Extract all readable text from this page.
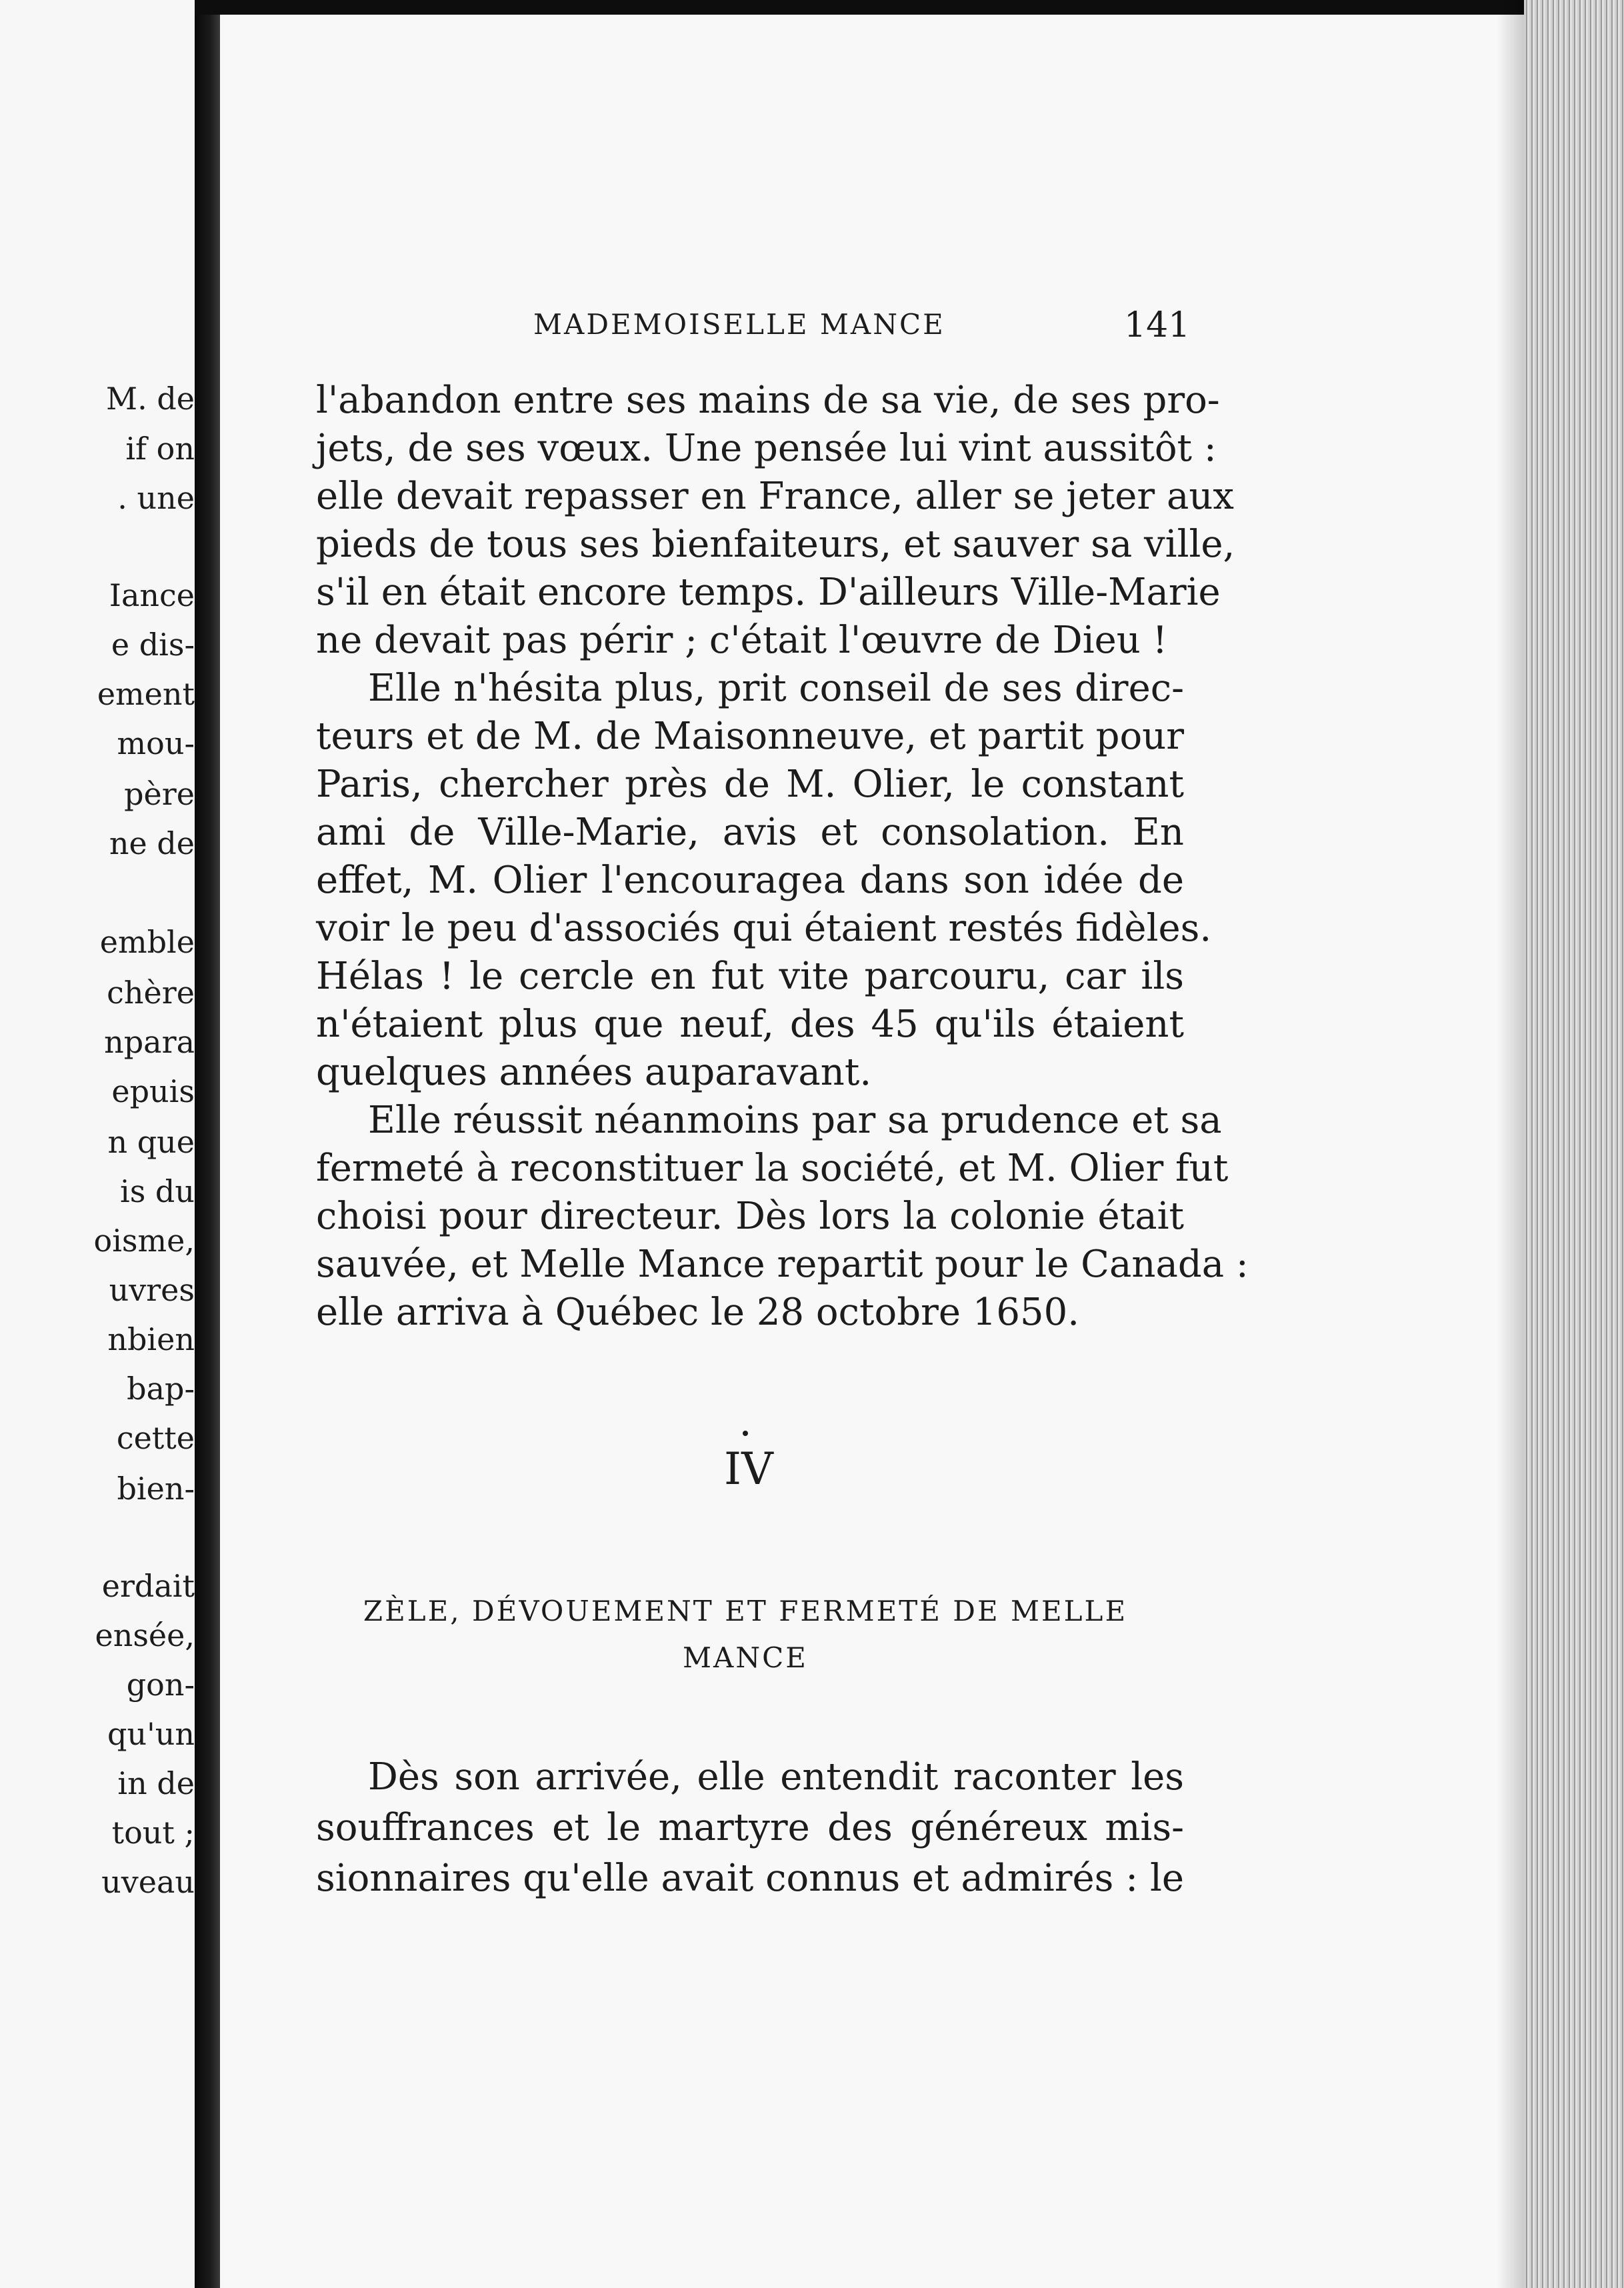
M. de
if on
. une
Iance
e dis-
ement
mou-
père
ne de
emble
chère
npara
epuis
n que
is du
oisme,
uvres
nbien
bap-
cette
bien-
erdait
ensée,
gon-
qu'un
in de
tout ;
uveau
MADEMOISELLE MANCE	141
l'abandon entre ses mains de sa vie, de ses pro-
jets, de ses vœux. Une pensée lui vint aussitôt :
elle devait repasser en France, aller se jeter aux
pieds de tous ses bienfaiteurs, et sauver sa ville,
s'il en était encore temps. D'ailleurs Ville-Marie
ne devait pas périr ; c'était l'œuvre de Dieu !
Elle n'hésita plus, prit conseil de ses direc-
teurs et de M. de Maisonneuve, et partit pour
Paris, chercher près de M. Olier, le constant
ami de Ville-Marie, avis et consolation. En
effet, M. Olier l'encouragea dans son idée de
voir le peu d'associés qui étaient restés fidèles.
Hélas ! le cercle en fut vite parcouru, car ils
n'étaient plus que neuf, des 45 qu'ils étaient
quelques années auparavant.
Elle réussit néanmoins par sa prudence et sa
fermeté à reconstituer la société, et M. Olier fut
choisi pour directeur. Dès lors la colonie était
sauvée, et Melle Mance repartit pour le Canada :
elle arriva à Québec le 28 octobre 1650.
IV
ZÈLE, DÉVOUEMENT ET FERMETÉ DE MELLE
MANCE
Dès son arrivée, elle entendit raconter les
souffrances et le martyre des généreux mis-
sionnaires qu'elle avait connus et admirés : le
